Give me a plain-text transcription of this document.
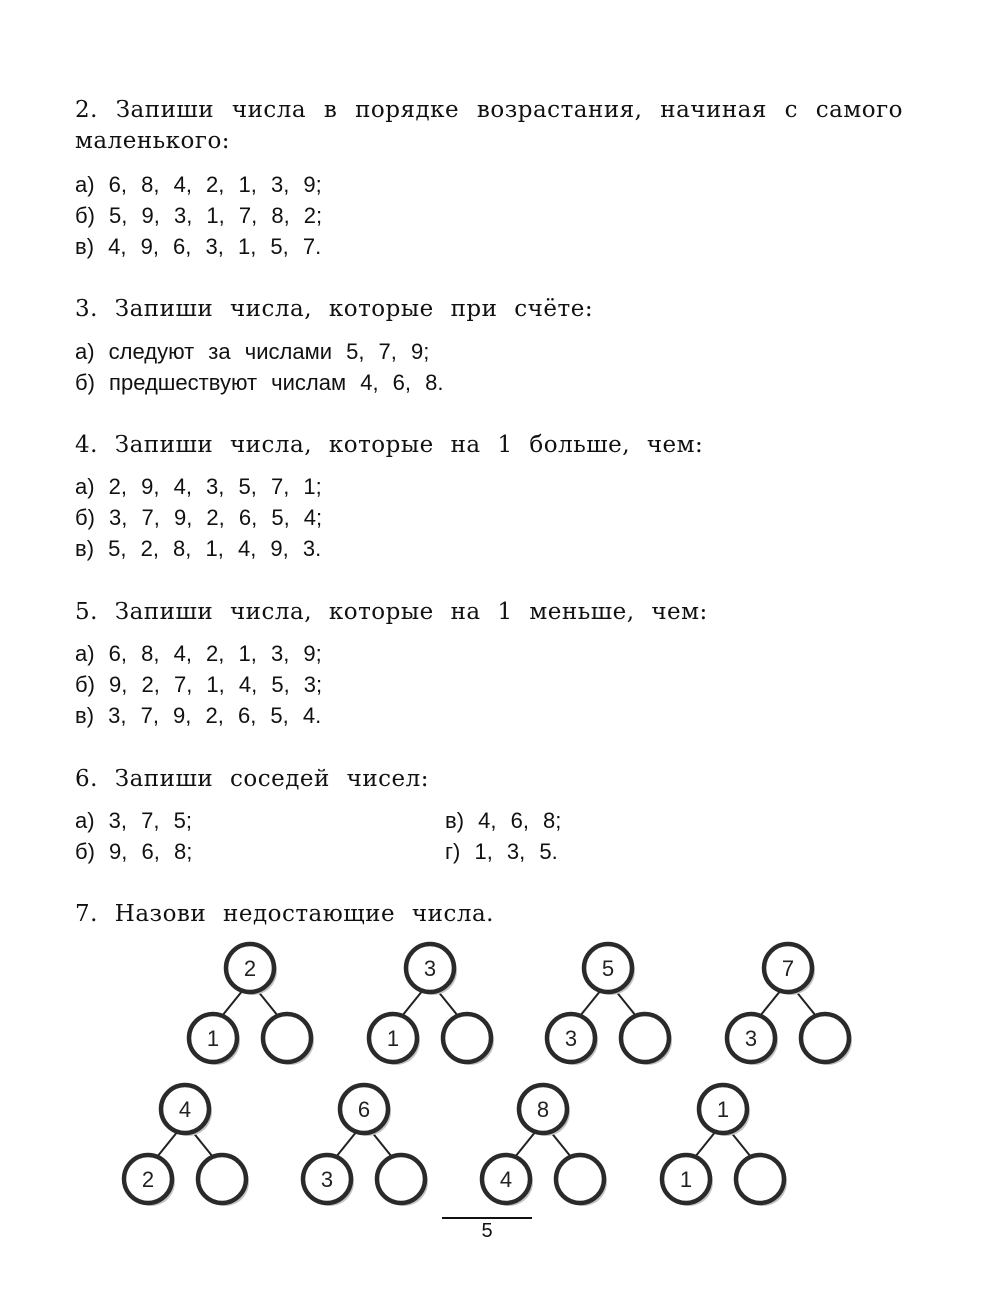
2. Запиши числа в порядке возрастания, начиная с самого маленького:
а) 6, 8, 4, 2, 1, 3, 9;
б) 5, 9, 3, 1, 7, 8, 2;
в) 4, 9, 6, 3, 1, 5, 7.
3. Запиши числа, которые при счёте:
а) следуют за числами 5, 7, 9;
б) предшествуют числам 4, 6, 8.
4. Запиши числа, которые на 1 больше, чем:
а) 2, 9, 4, 3, 5, 7, 1;
б) 3, 7, 9, 2, 6, 5, 4;
в) 5, 2, 8, 1, 4, 9, 3.
5. Запиши числа, которые на 1 меньше, чем:
а) 6, 8, 4, 2, 1, 3, 9;
б) 9, 2, 7, 1, 4, 5, 3;
в) 3, 7, 9, 2, 6, 5, 4.
6. Запиши соседей чисел:
а) 3, 7, 5;
б) 9, 6, 8;
в) 4, 6, 8;
г) 1, 3, 5.
7. Назови недостающие числа.
2
1
3
1
5
3
7
3
4
2
6
3
8
4
1
1
5
